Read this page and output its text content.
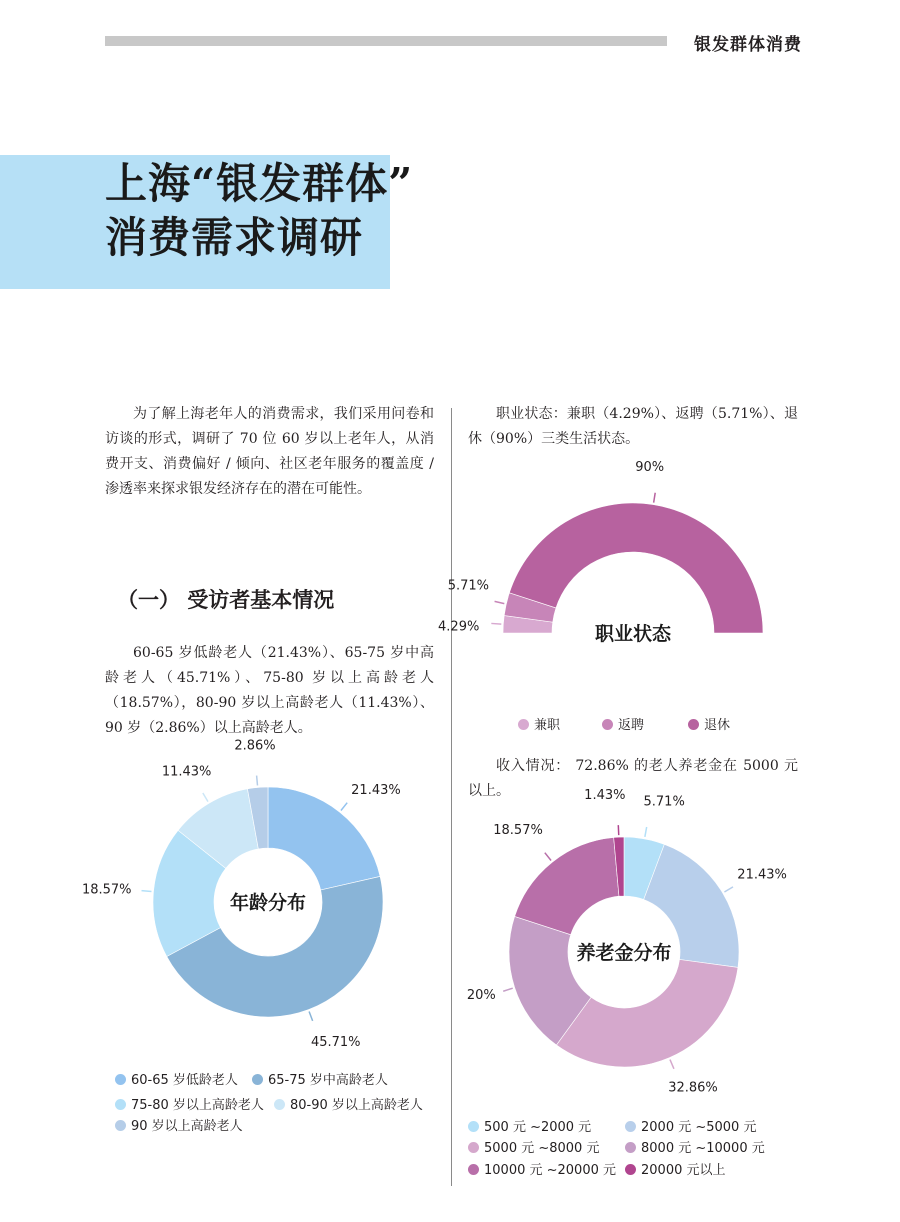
银发群体消费
上海“银发群体”
消费需求调研

为了解上海老年人的消费需求，我们采用问卷和访谈的形式，调研了 70 位 60 岁以上老年人，从消费开支、消费偏好 / 倾向、社区老年服务的覆盖度 / 渗透率来探求银发经济存在的潜在可能性。

（一） 受访者基本情况

60-65 岁低龄老人（21.43%）、65-75 岁中高龄老人（45.71%）、75-80 岁以上高龄老人（18.57%），80-90 岁以上高龄老人（11.43%）、90 岁（2.86%）以上高龄老人。

职业状态：兼职（4.29%）、返聘（5.71%）、退休（90%）三类生活状态。

收入情况： 72.86% 的老人养老金在 5000 元以上。

21.43%
45.71%
18.57%
11.43%
2.86%
年龄分布
60-65 岁低龄老人	65-75 岁中高龄老人
75-80 岁以上高龄老人	80-90 岁以上高龄老人
90 岁以上高龄老人
4.29%
5.71%
90%
职业状态
兼职	返聘	退休
5.71%
21.43%
32.86%
20%
18.57%
1.43%
养老金分布
500 元 ~2000 元	2000 元 ~5000 元
5000 元 ~8000 元	8000 元 ~10000 元
10000 元 ~20000 元	20000 元以上
